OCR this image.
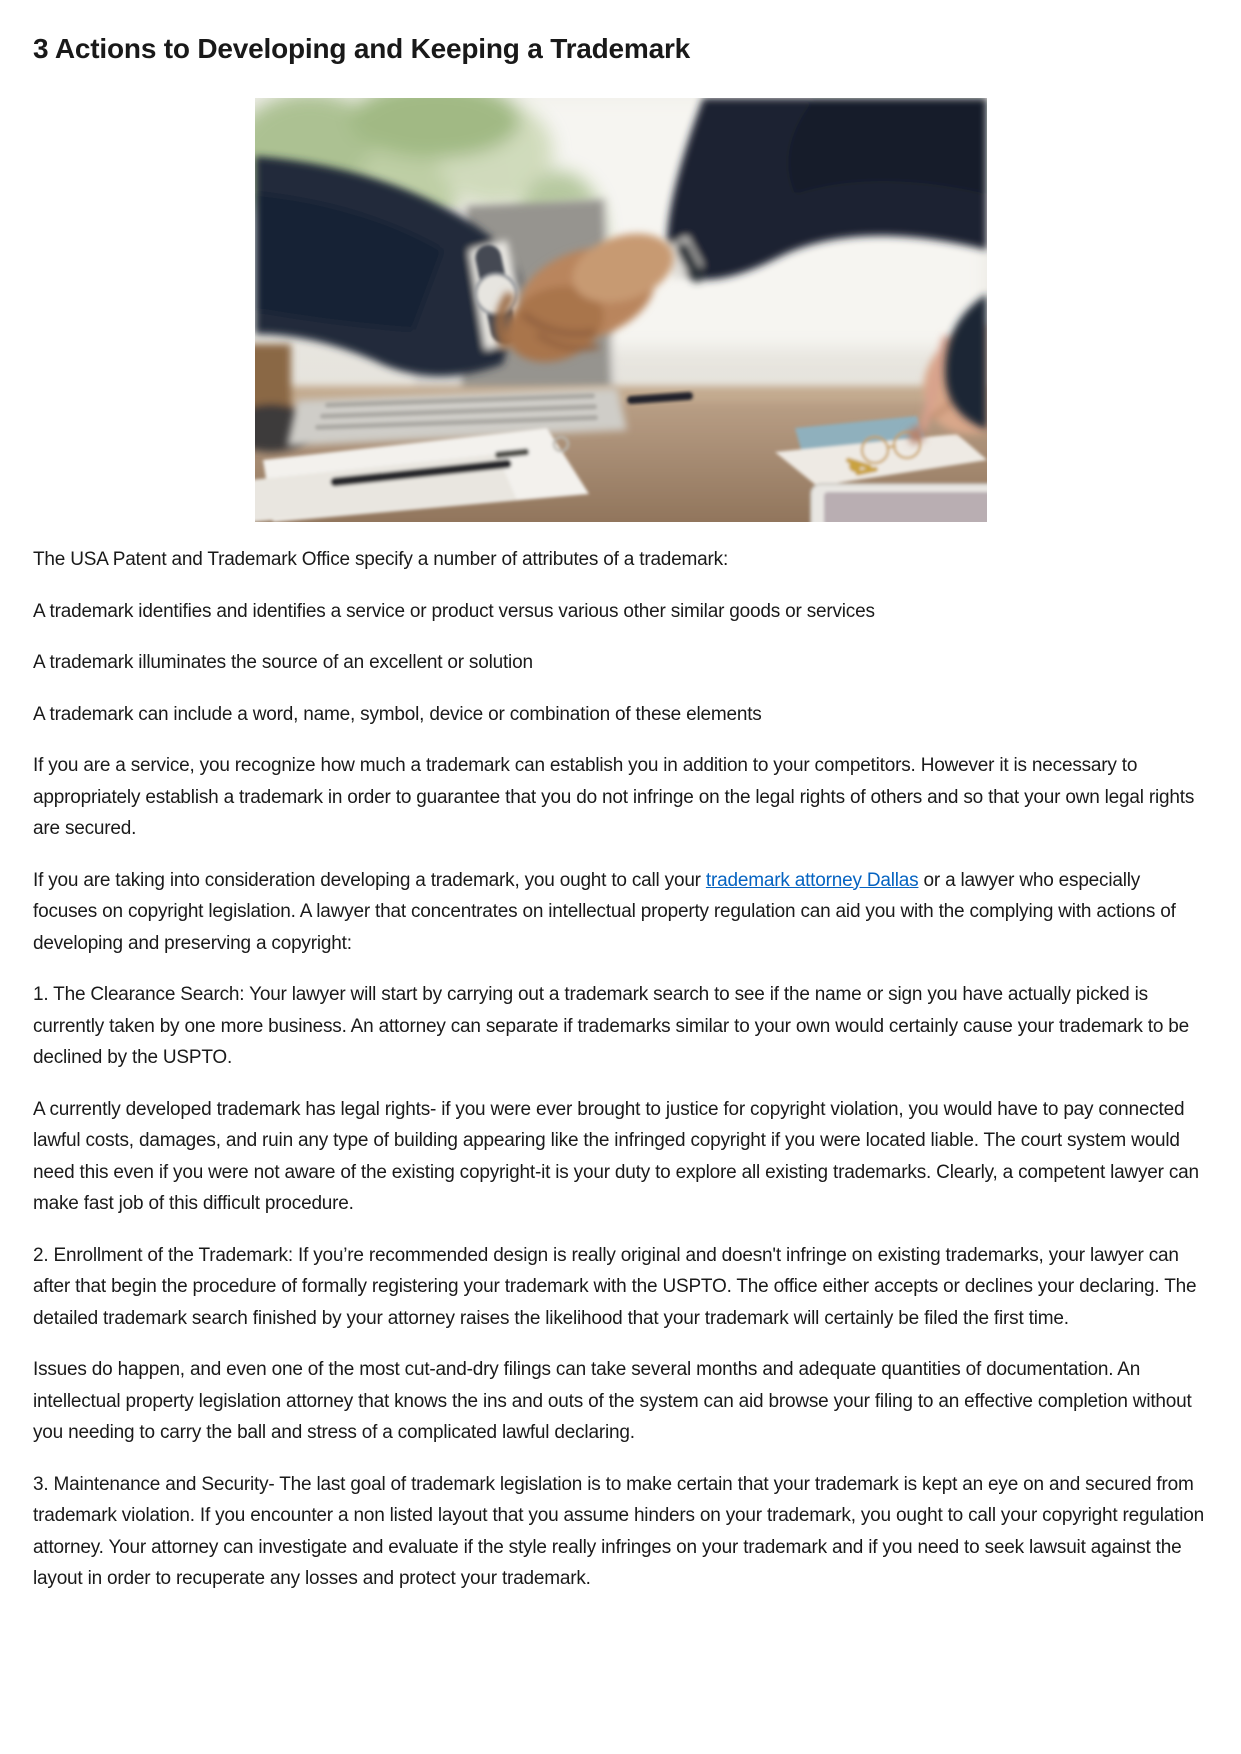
3 Actions to Developing and Keeping a Trademark

The USA Patent and Trademark Office specify a number of attributes of a trademark:

A trademark identifies and identifies a service or product versus various other similar goods or services

A trademark illuminates the source of an excellent or solution

A trademark can include a word, name, symbol, device or combination of these elements

If you are a service, you recognize how much a trademark can establish you in addition to your competitors. However it is necessary to appropriately establish a trademark in order to guarantee that you do not infringe on the legal rights of others and so that your own legal rights are secured.

If you are taking into consideration developing a trademark, you ought to call your trademark attorney Dallas or a lawyer who especially focuses on copyright legislation. A lawyer that concentrates on intellectual property regulation can aid you with the complying with actions of developing and preserving a copyright:

1. The Clearance Search: Your lawyer will start by carrying out a trademark search to see if the name or sign you have actually picked is currently taken by one more business. An attorney can separate if trademarks similar to your own would certainly cause your trademark to be declined by the USPTO.

A currently developed trademark has legal rights- if you were ever brought to justice for copyright violation, you would have to pay connected lawful costs, damages, and ruin any type of building appearing like the infringed copyright if you were located liable. The court system would need this even if you were not aware of the existing copyright-it is your duty to explore all existing trademarks. Clearly, a competent lawyer can make fast job of this difficult procedure.

2. Enrollment of the Trademark: If you’re recommended design is really original and doesn't infringe on existing trademarks, your lawyer can after that begin the procedure of formally registering your trademark with the USPTO. The office either accepts or declines your declaring. The detailed trademark search finished by your attorney raises the likelihood that your trademark will certainly be filed the first time.

Issues do happen, and even one of the most cut-and-dry filings can take several months and adequate quantities of documentation. An intellectual property legislation attorney that knows the ins and outs of the system can aid browse your filing to an effective completion without you needing to carry the ball and stress of a complicated lawful declaring.

3. Maintenance and Security- The last goal of trademark legislation is to make certain that your trademark is kept an eye on and secured from trademark violation. If you encounter a non listed layout that you assume hinders on your trademark, you ought to call your copyright regulation attorney. Your attorney can investigate and evaluate if the style really infringes on your trademark and if you need to seek lawsuit against the layout in order to recuperate any losses and protect your trademark.
